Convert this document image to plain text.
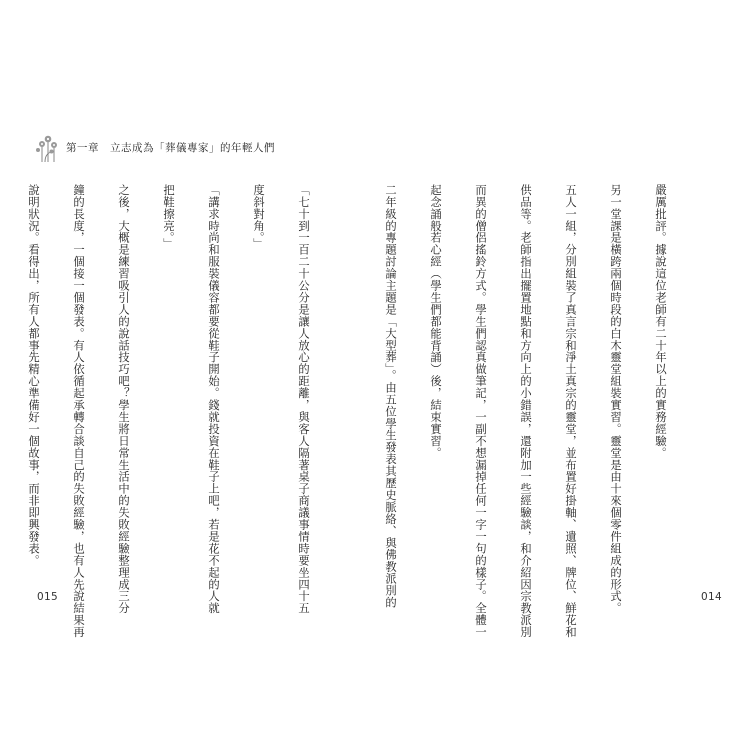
第一章　立志成為「葬儀專家」的年輕人們

「七十到一百二十公分是讓人放心的距離，與客人隔著桌子商議事情時要坐四十五

度斜對角。」

「講求時尚和服裝儀容都要從鞋子開始。錢就投資在鞋子上吧，若是花不起的人就

把鞋擦亮。」

之後，大概是練習吸引人的說話技巧吧？學生將日常生活中的失敗經驗整理成三分

鐘的長度，一個接一個發表。有人依循起承轉合談自己的失敗經驗，也有人先說結果再

說明狀況。看得出，所有人都事先精心準備好一個故事，而非即興發表。

015

嚴厲批評。據說這位老師有二十年以上的實務經驗。

另一堂課是橫跨兩個時段的白木靈堂組裝實習。靈堂是由十來個零件組成的形式。

五人一組，分別組裝了真言宗和淨土真宗的靈堂，並布置好掛軸、遺照、牌位、鮮花和

供品等。老師指出擺置地點和方向上的小錯誤，還附加一些經驗談，和介紹因宗教派別

而異的僧侶搖鈴方式。學生們認真做筆記，一副不想漏掉任何一字一句的樣子。全體一

起念誦般若心經（學生們都能背誦）後，結束實習。

二年級的專題討論主題是「大型葬」。由五位學生發表其歷史脈絡、與佛教派別的

	014
